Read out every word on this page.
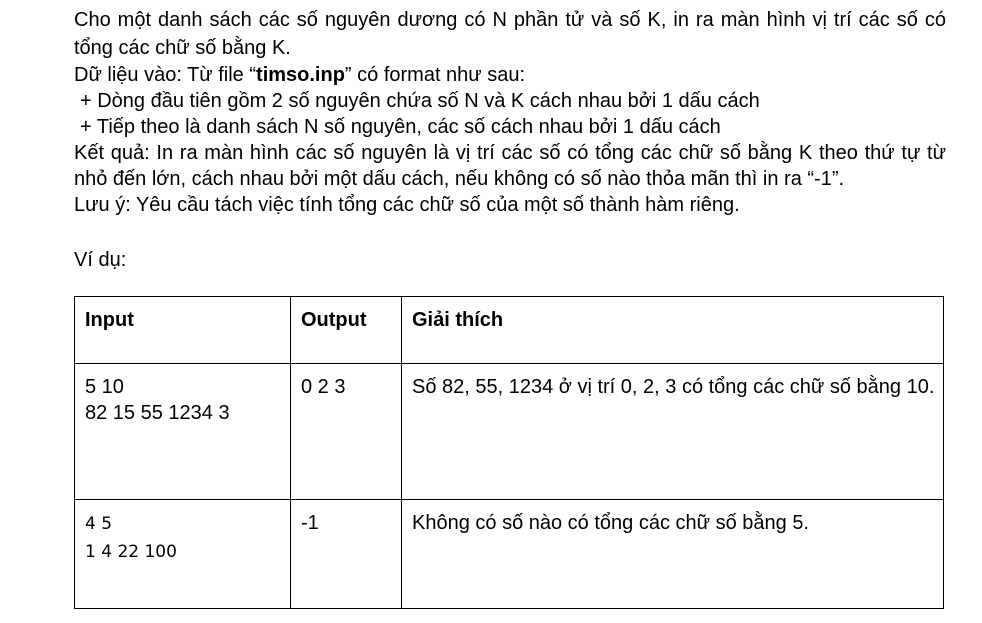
Cho một danh sách các số nguyên dương có N phần tử và số K, in ra màn hình vị trí các số có tổng các chữ số bằng K.

Dữ liệu vào: Từ file “timso.inp” có format như sau:

+ Dòng đầu tiên gồm 2 số nguyên chứa số N và K cách nhau bởi 1 dấu cách

+ Tiếp theo là danh sách N số nguyên, các số cách nhau bởi 1 dấu cách

Kết quả: In ra màn hình các số nguyên là vị trí các số có tổng các chữ số bằng K theo thứ tự từ nhỏ đến lớn, cách nhau bởi một dấu cách, nếu không có số nào thỏa mãn thì in ra “-1”.

Lưu ý: Yêu cầu tách việc tính tổng các chữ số của một số thành hàm riêng.

Ví dụ:

Input	Output	Giải thích

5 10
82 15 55 1234 3	0 2 3	Số 82, 55, 1234 ở vị trí 0, 2, 3 có tổng các chữ số bằng 10.

4 5
1 4 22 100	-1	Không có số nào có tổng các chữ số bằng 5.
